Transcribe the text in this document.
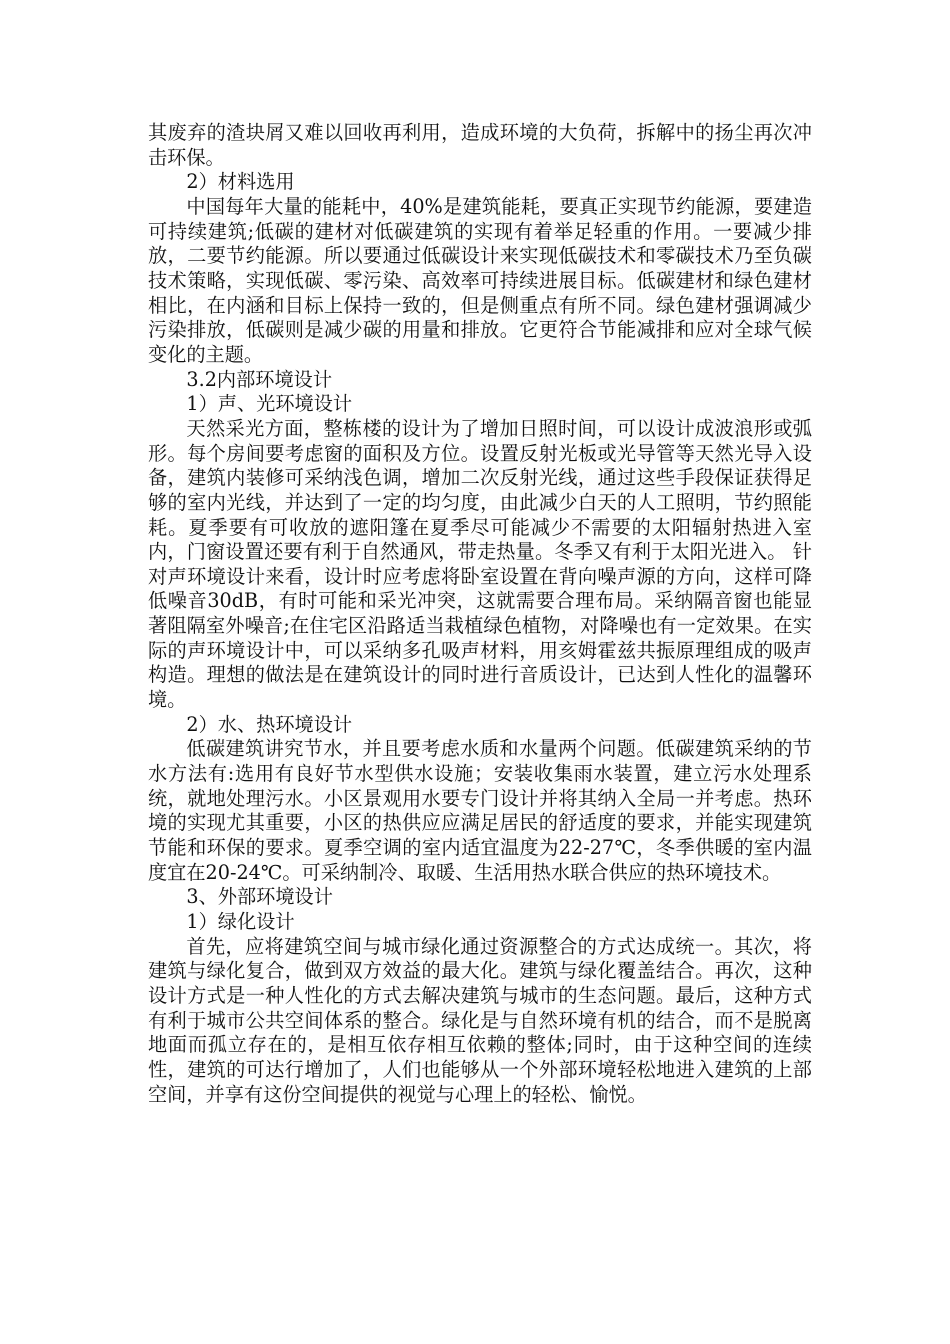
其废弃的渣块屑又难以回收再利用，造成环境的大负荷，拆解中的扬尘再次冲击环保。

2）材料选用

中国每年大量的能耗中，40%是建筑能耗，要真正实现节约能源，要建造可持续建筑;低碳的建材对低碳建筑的实现有着举足轻重的作用。一要减少排放，二要节约能源。所以要通过低碳设计来实现低碳技术和零碳技术乃至负碳技术策略，实现低碳、零污染、高效率可持续进展目标。低碳建材和绿色建材相比，在内涵和目标上保持一致的，但是侧重点有所不同。绿色建材强调减少污染排放，低碳则是减少碳的用量和排放。它更符合节能减排和应对全球气候变化的主题。

3.2内部环境设计

1）声、光环境设计

天然采光方面，整栋楼的设计为了增加日照时间，可以设计成波浪形或弧形。每个房间要考虑窗的面积及方位。设置反射光板或光导管等天然光导入设备，建筑内装修可采纳浅色调，增加二次反射光线，通过这些手段保证获得足够的室内光线，并达到了一定的均匀度，由此减少白天的人工照明，节约照能耗。夏季要有可收放的遮阳篷在夏季尽可能减少不需要的太阳辐射热进入室内，门窗设置还要有利于自然通风，带走热量。冬季又有利于太阳光进入。 针对声环境设计来看，设计时应考虑将卧室设置在背向噪声源的方向，这样可降低噪音30dB，有时可能和采光冲突，这就需要合理布局。采纳隔音窗也能显著阻隔室外噪音;在住宅区沿路适当栽植绿色植物，对降噪也有一定效果。在实际的声环境设计中，可以采纳多孔吸声材料，用亥姆霍兹共振原理组成的吸声构造。理想的做法是在建筑设计的同时进行音质设计，已达到人性化的温馨环境。

2）水、热环境设计

低碳建筑讲究节水，并且要考虑水质和水量两个问题。低碳建筑采纳的节水方法有:选用有良好节水型供水设施；安装收集雨水装置，建立污水处理系统，就地处理污水。小区景观用水要专门设计并将其纳入全局一并考虑。热环境的实现尤其重要，小区的热供应应满足居民的舒适度的要求，并能实现建筑节能和环保的要求。夏季空调的室内适宜温度为22-27℃，冬季供暖的室内温度宜在20-24℃。可采纳制冷、取暖、生活用热水联合供应的热环境技术。

3、外部环境设计

1）绿化设计

首先，应将建筑空间与城市绿化通过资源整合的方式达成统一。其次，将建筑与绿化复合，做到双方效益的最大化。建筑与绿化覆盖结合。再次，这种设计方式是一种人性化的方式去解决建筑与城市的生态问题。最后，这种方式有利于城市公共空间体系的整合。绿化是与自然环境有机的结合，而不是脱离地面而孤立存在的，是相互依存相互依赖的整体;同时，由于这种空间的连续性，建筑的可达行增加了，人们也能够从一个外部环境轻松地进入建筑的上部空间，并享有这份空间提供的视觉与心理上的轻松、愉悦。
